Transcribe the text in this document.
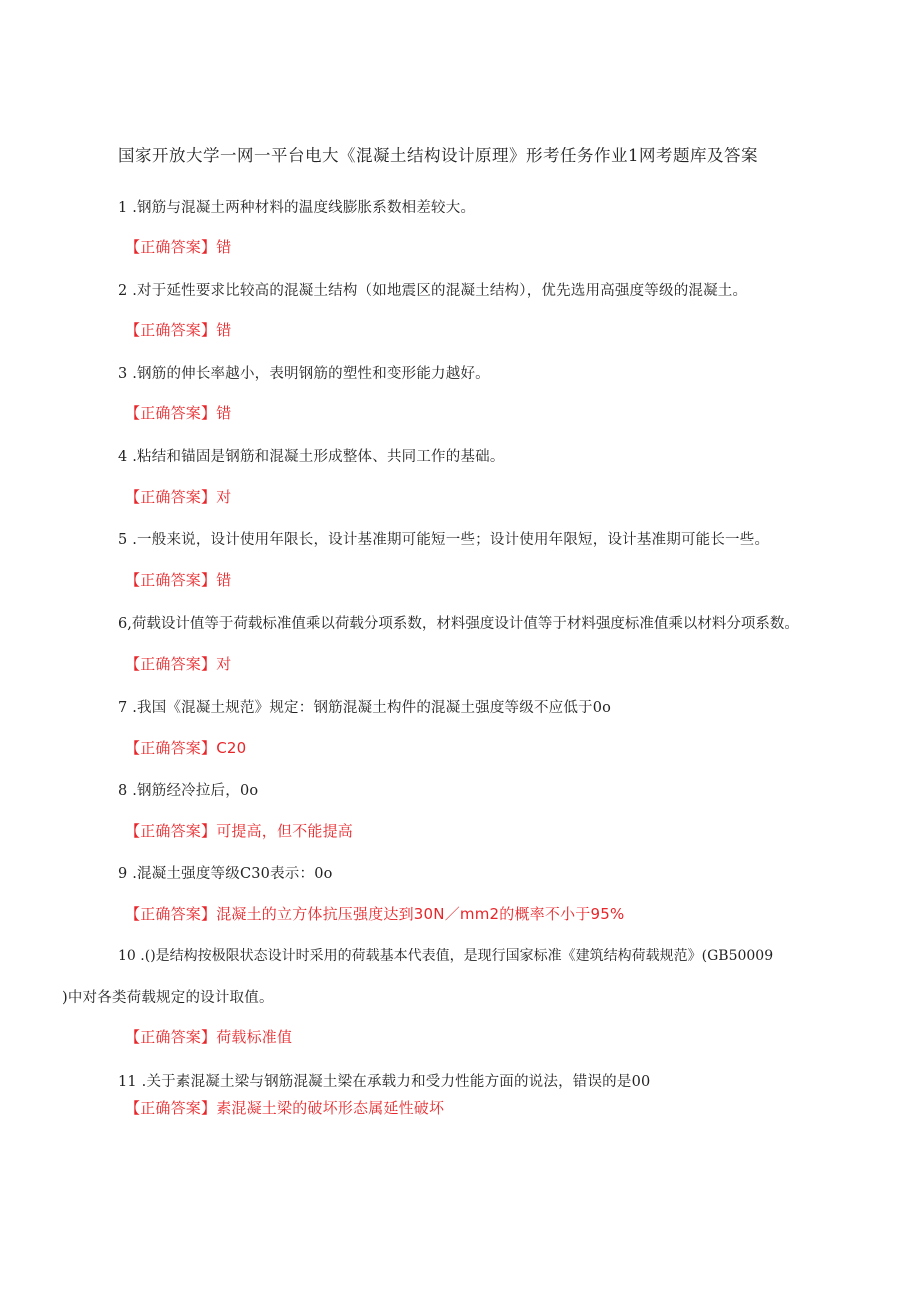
国家开放大学一网一平台电大《混凝土结构设计原理》形考任务作业1网考题库及答案
1 .钢筋与混凝土两种材料的温度线膨胀系数相差较大。
【正确答案】错
2 .对于延性要求比较高的混凝土结构（如地震区的混凝土结构），优先选用高强度等级的混凝土。
【正确答案】错
3 .钢筋的伸长率越小，表明钢筋的塑性和变形能力越好。
【正确答案】错
4 .粘结和锚固是钢筋和混凝土形成整体、共同工作的基础。
【正确答案】对
5 .一般来说，设计使用年限长，设计基准期可能短一些；设计使用年限短，设计基准期可能长一些。
【正确答案】错
6,荷载设计值等于荷载标准值乘以荷载分项系数，材料强度设计值等于材料强度标准值乘以材料分项系数。
【正确答案】对
7 .我国《混凝土规范》规定：钢筋混凝土构件的混凝土强度等级不应低于0o
【正确答案】C20
8 .钢筋经冷拉后，0o
【正确答案】可提高，但不能提高
9 .混凝土强度等级C30表示：0o
【正确答案】混凝土的立方体抗压强度达到30N／mm2的概率不小于95%
10 .()是结构按极限状态设计时采用的荷载基本代表值，是现行国家标准《建筑结构荷载规范》(GB50009
)中对各类荷载规定的设计取值。
【正确答案】荷载标准值
11 .关于素混凝土梁与钢筋混凝土梁在承载力和受力性能方面的说法，错误的是00
【正确答案】素混凝土梁的破坏形态属延性破坏
